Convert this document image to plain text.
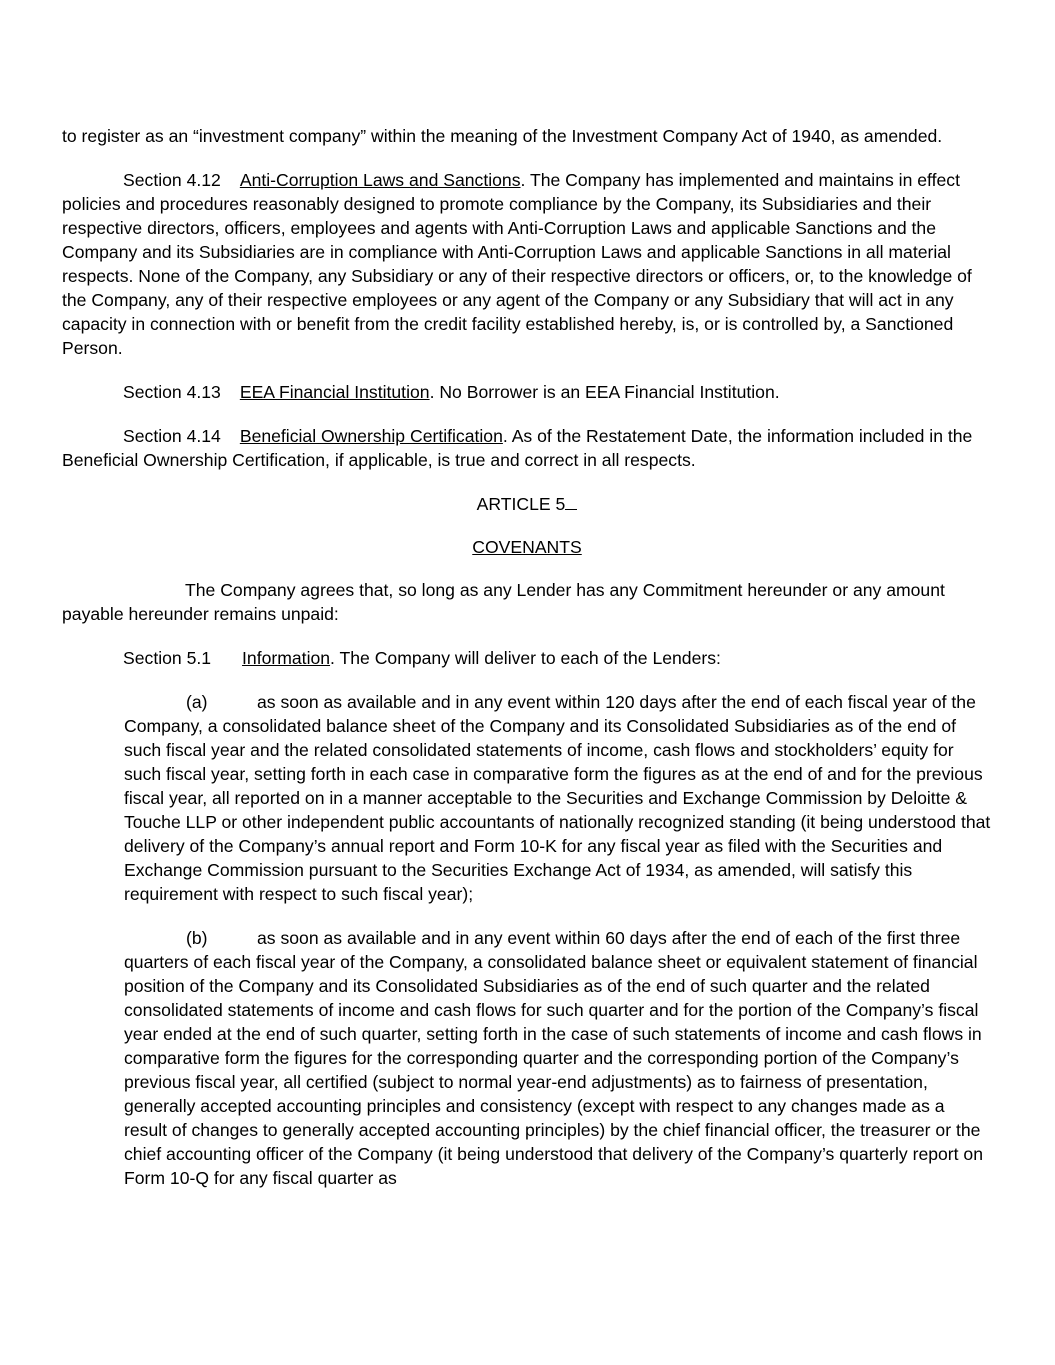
to register as an “investment company” within the meaning of the Investment Company Act of 1940, as amended.

Section 4.12 Anti-Corruption Laws and Sanctions. The Company has implemented and maintains in effect policies and procedures reasonably designed to promote compliance by the Company, its Subsidiaries and their respective directors, officers, employees and agents with Anti-Corruption Laws and applicable Sanctions and the Company and its Subsidiaries are in compliance with Anti-Corruption Laws and applicable Sanctions in all material respects. None of the Company, any Subsidiary or any of their respective directors or officers, or, to the knowledge of the Company, any of their respective employees or any agent of the Company or any Subsidiary that will act in any capacity in connection with or benefit from the credit facility established hereby, is, or is controlled by, a Sanctioned Person.

Section 4.13 EEA Financial Institution. No Borrower is an EEA Financial Institution.

Section 4.14 Beneficial Ownership Certification. As of the Restatement Date, the information included in the Beneficial Ownership Certification, if applicable, is true and correct in all respects.

ARTICLE 5

COVENANTS

The Company agrees that, so long as any Lender has any Commitment hereunder or any amount payable hereunder remains unpaid:

Section 5.1 Information. The Company will deliver to each of the Lenders:

(a)	as soon as available and in any event within 120 days after the end of each fiscal year of the Company, a consolidated balance sheet of the Company and its Consolidated Subsidiaries as of the end of such fiscal year and the related consolidated statements of income, cash flows and stockholders’ equity for such fiscal year, setting forth in each case in comparative form the figures as at the end of and for the previous fiscal year, all reported on in a manner acceptable to the Securities and Exchange Commission by Deloitte & Touche LLP or other independent public accountants of nationally recognized standing (it being understood that delivery of the Company’s annual report and Form 10-K for any fiscal year as filed with the Securities and Exchange Commission pursuant to the Securities Exchange Act of 1934, as amended, will satisfy this requirement with respect to such fiscal year);

(b)	as soon as available and in any event within 60 days after the end of each of the first three quarters of each fiscal year of the Company, a consolidated balance sheet or equivalent statement of financial position of the Company and its Consolidated Subsidiaries as of the end of such quarter and the related consolidated statements of income and cash flows for such quarter and for the portion of the Company’s fiscal year ended at the end of such quarter, setting forth in the case of such statements of income and cash flows in comparative form the figures for the corresponding quarter and the corresponding portion of the Company’s previous fiscal year, all certified (subject to normal year-end adjustments) as to fairness of presentation, generally accepted accounting principles and consistency (except with respect to any changes made as a result of changes to generally accepted accounting principles) by the chief financial officer, the treasurer or the chief accounting officer of the Company (it being understood that delivery of the Company’s quarterly report on Form 10-Q for any fiscal quarter as
